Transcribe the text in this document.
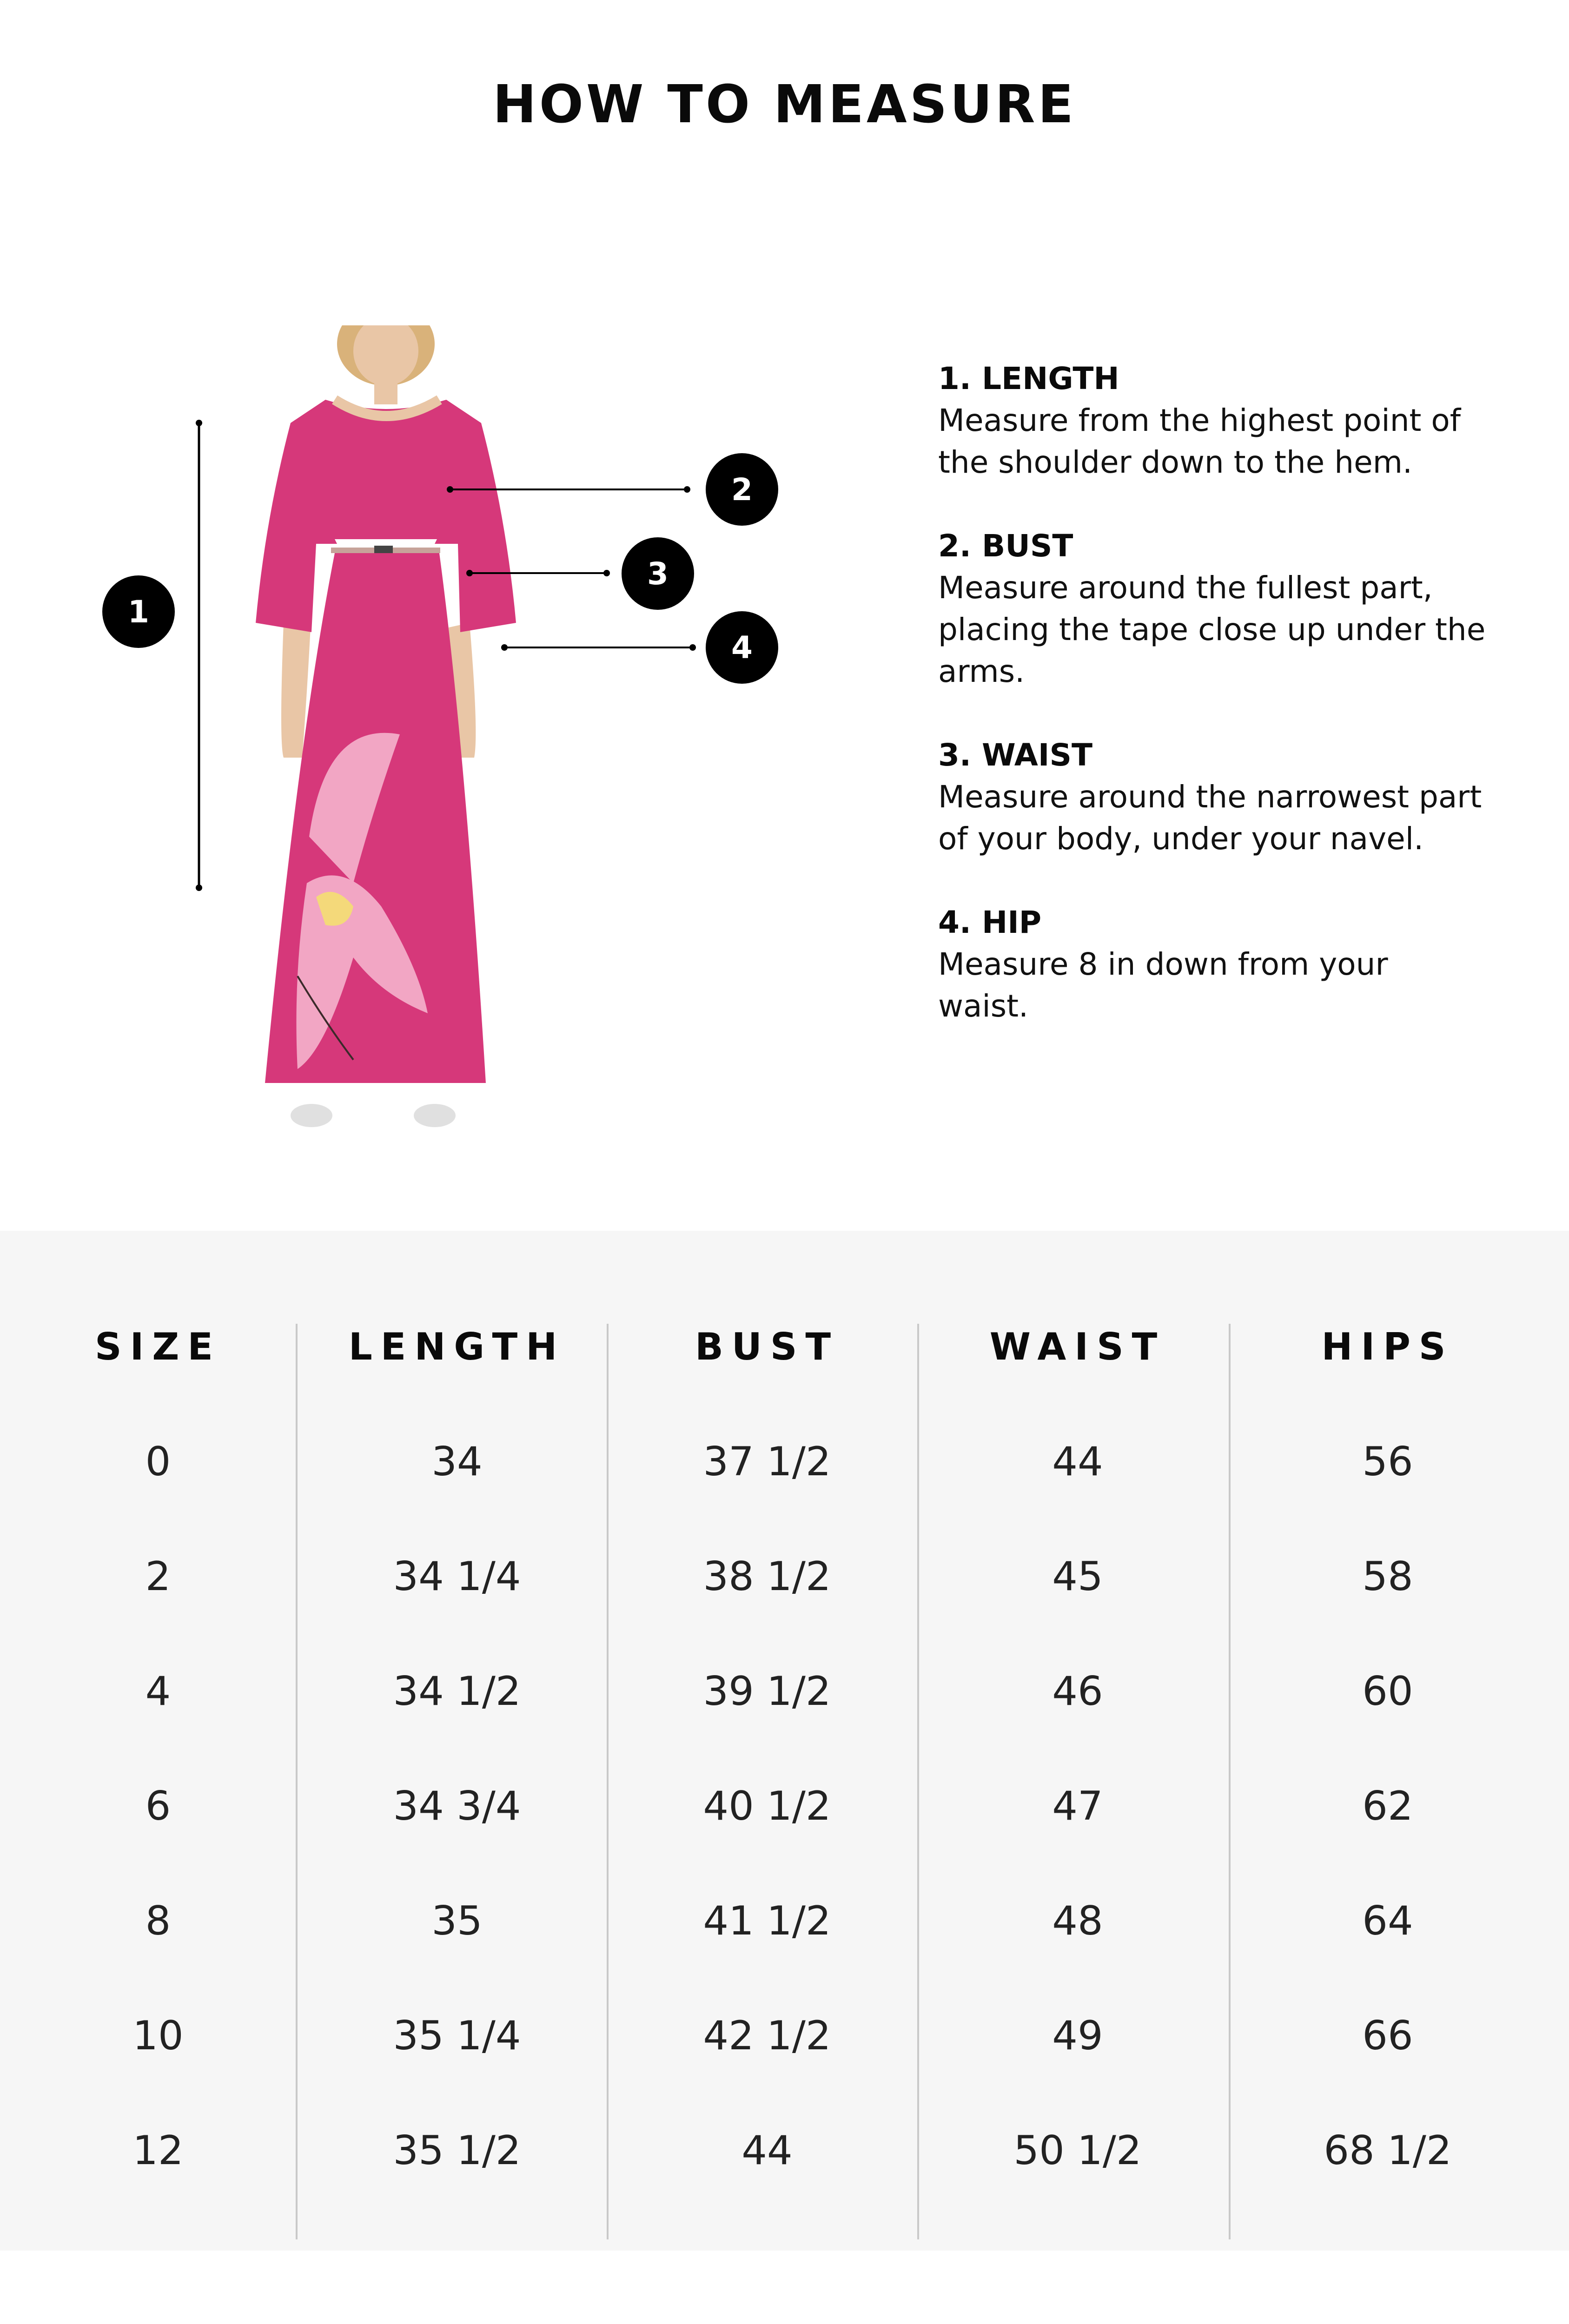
HOW TO MEASURE
1
2
3
4
1. LENGTH
Measure from the highest point of the shoulder down to the hem.
2. BUST
Measure around the fullest part, placing the tape close up under the arms.
3. WAIST
Measure around the narrowest part of your body, under your navel.
4. HIP
Measure 8 in down from your waist.
SIZE
0
2
4
6
8
10
12
LENGTH
34
34 1/4
34 1/2
34 3/4
35
35 1/4
35 1/2
BUST
37 1/2
38 1/2
39 1/2
40 1/2
41 1/2
42 1/2
44
WAIST
44
45
46
47
48
49
50 1/2
HIPS
56
58
60
62
64
66
68 1/2
